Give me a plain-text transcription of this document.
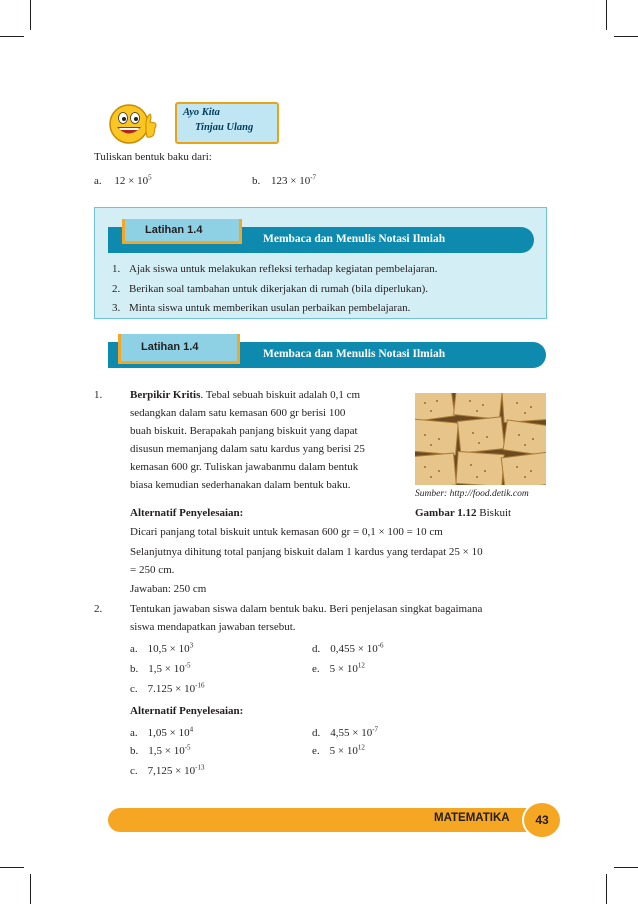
Ayo Kita
Tinjau Ulang
Tuliskan bentuk baku dari:
a. $12 \times 10^5$	b. $123 \times 10^{-7}$
Membaca dan Menulis Notasi Ilmiah
Latihan 1.4
1. Ajak siswa untuk melakukan refleksi terhadap kegiatan pembelajaran.
2. Berikan soal tambahan untuk dikerjakan di rumah (bila diperlukan).
3. Minta siswa untuk memberikan usulan perbaikan pembelajaran.
Membaca dan Menulis Notasi Ilmiah
Latihan 1.4
1.	Berpikir Kritis. Tebal sebuah biskuit adalah 0,1 cm
sedangkan dalam satu kemasan 600 gr berisi 100
buah biskuit. Berapakah panjang biskuit yang dapat
disusun memanjang dalam satu kardus yang berisi 25
kemasan 600 gr. Tuliskan jawabanmu dalam bentuk
biasa kemudian sederhanakan dalam bentuk baku.
Sumber: http://food.detik.com
Gambar 1.12 Biskuit
Alternatif Penyelesaian:
Dicari panjang total biskuit untuk kemasan 600 gr = 0,1 × 100 = 10 cm
Selanjutnya dihitung total panjang biskuit dalam 1 kardus yang terdapat 25 × 10
= 250 cm.
Jawaban: 250 cm
2.	Tentukan jawaban siswa dalam bentuk baku. Beri penjelasan singkat bagaimana
siswa mendapatkan jawaban tersebut.
a. $10,5 \times 10^3$	d. $0,455 \times 10^{-6}$
b. $1,5 \times 10^{-5}$	e. $5 \times 10^{12}$
c. $7.125 \times 10^{-16}$
Alternatif Penyelesaian:
a. $1,05 \times 10^4$	d. $4,55 \times 10^{-7}$
b. $1,5 \times 10^{-5}$	e. $5 \times 10^{12}$
c. $7,125 \times 10^{-13}$
MATEMATIKA	43
